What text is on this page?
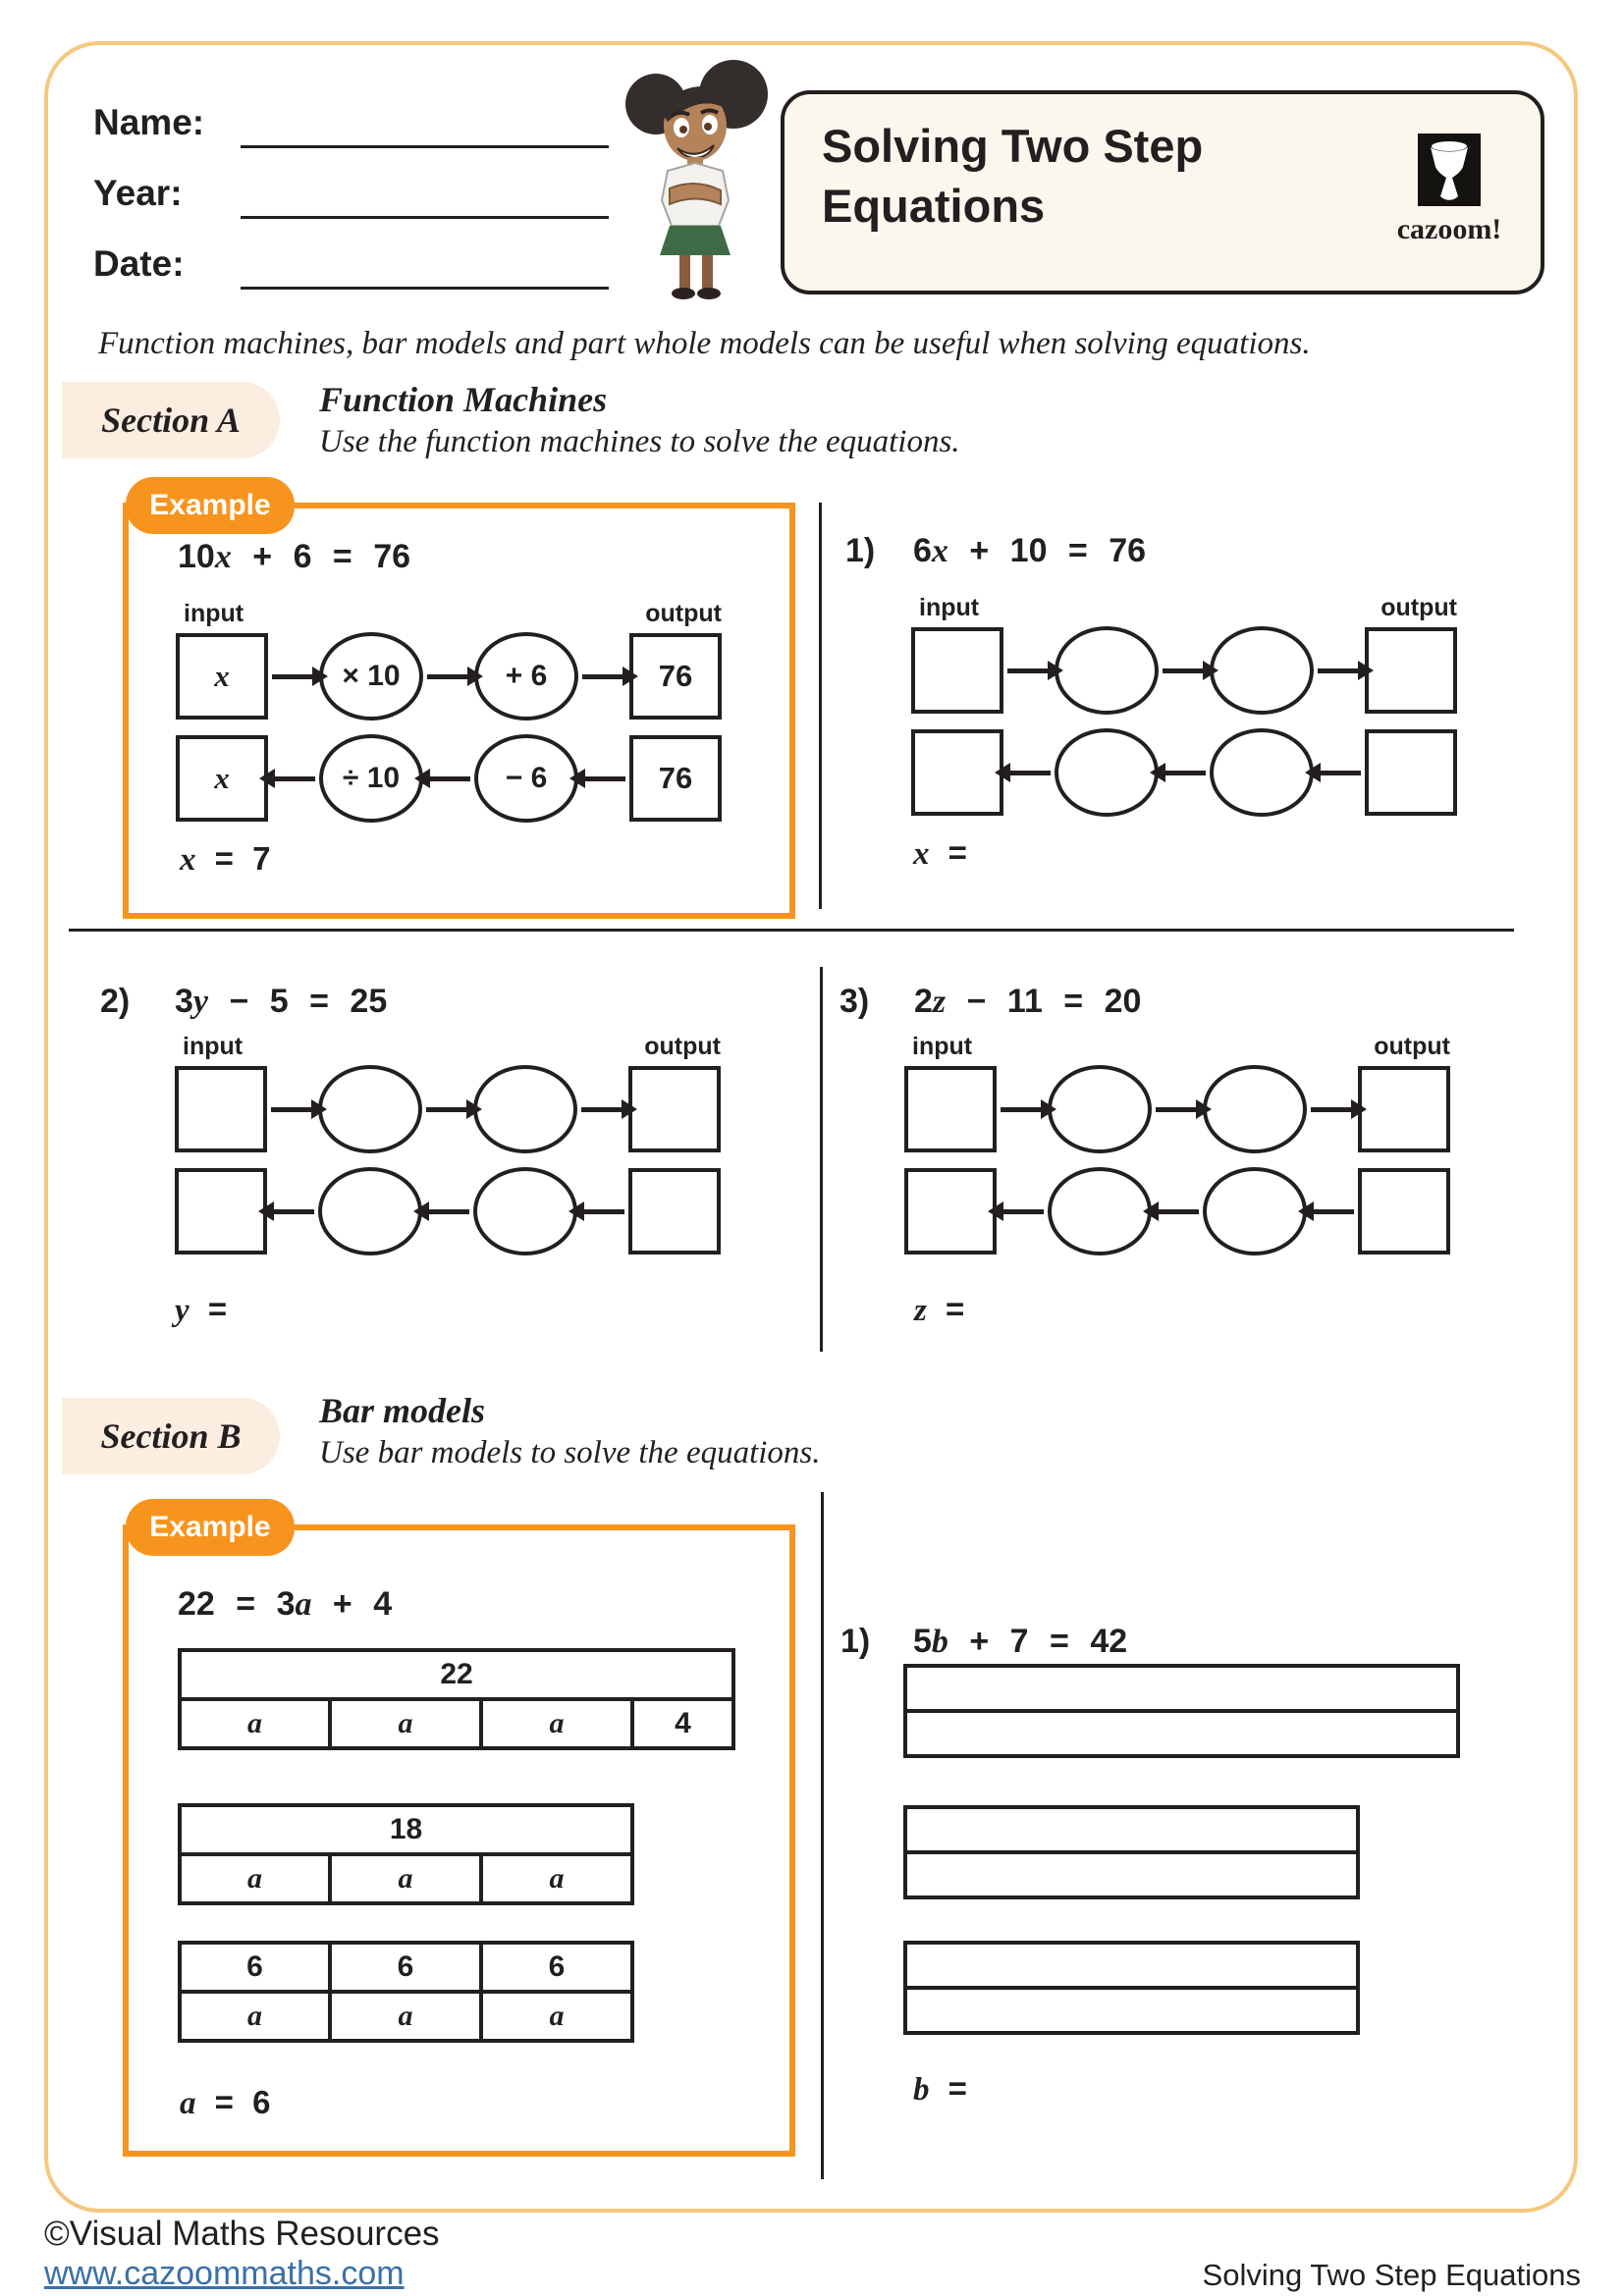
Name:
Year:
Date:
Solving Two Step
Equations	cazoom!
Function machines, bar models and part whole models can be useful when solving equations.
Section A
Function Machines
Use the function machines to solve the equations.
Example
10x + 6 = 76
input	output
x	× 10	+ 6	76
x	÷ 10	− 6	76
x = 7
1) 6x + 10 = 76
input	output
x =
2) 3y − 5 = 25
input	output
y =
3) 2z − 11 = 20
input	output
z =
Section B
Bar models
Use bar models to solve the equations.
Example
22 = 3a + 4
22
a	a	a	4
18
a	a	a
6	6	6
a	a	a
a = 6
1) 5b + 7 = 42

b =
©Visual Maths Resources
www.cazoommaths.com	Solving Two Step Equations
